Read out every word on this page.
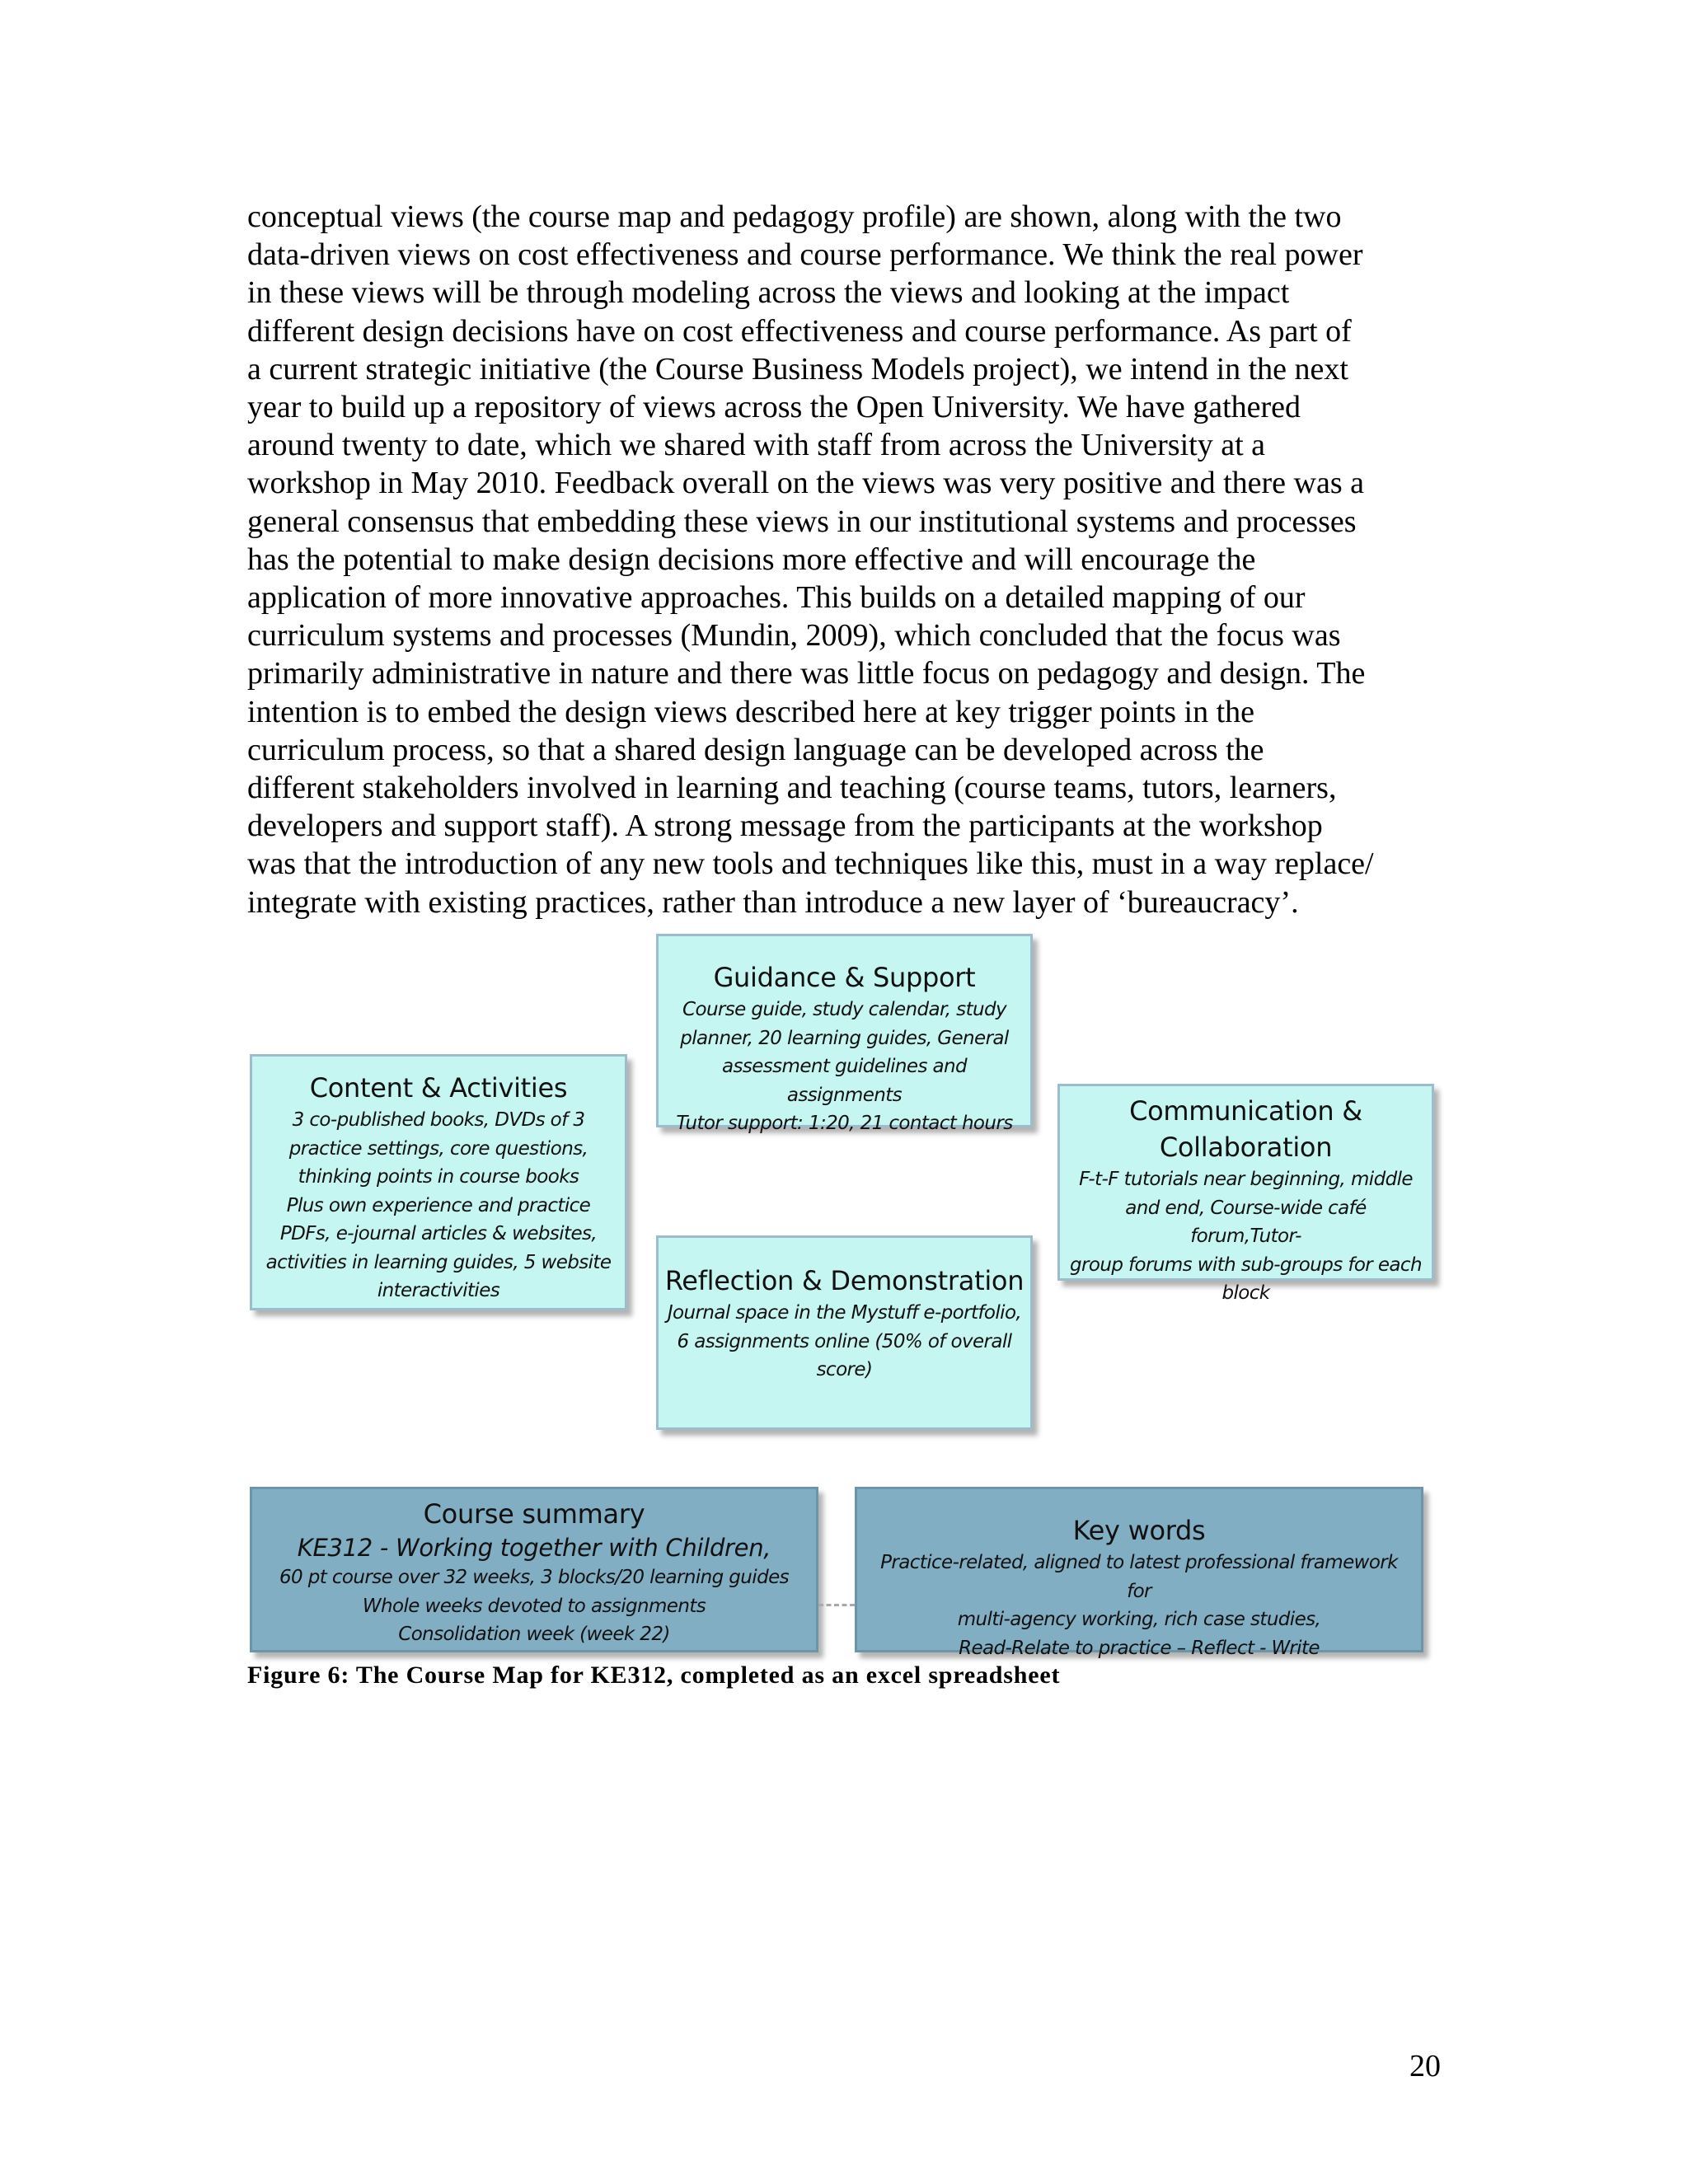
conceptual views (the course map and pedagogy profile) are shown, along with the two
data-driven views on cost effectiveness and course performance. We think the real power
in these views will be through modeling across the views and looking at the impact
different design decisions have on cost effectiveness and course performance. As part of
a current strategic initiative (the Course Business Models project), we intend in the next
year to build up a repository of views across the Open University. We have gathered
around twenty to date, which we shared with staff from across the University at a
workshop in May 2010. Feedback overall on the views was very positive and there was a
general consensus that embedding these views in our institutional systems and processes
has the potential to make design decisions more effective and will encourage the
application of more innovative approaches. This builds on a detailed mapping of our
curriculum systems and processes (Mundin, 2009), which concluded that the focus was
primarily administrative in nature and there was little focus on pedagogy and design. The
intention is to embed the design views described here at key trigger points in the
curriculum process, so that a shared design language can be developed across the
different stakeholders involved in learning and teaching (course teams, tutors, learners,
developers and support staff). A strong message from the participants at the workshop
was that the introduction of any new tools and techniques like this, must in a way replace/
integrate with existing practices, rather than introduce a new layer of ‘bureaucracy’.
Guidance & Support
Course guide, study calendar, study
planner, 20 learning guides, General
assessment guidelines and assignments
Tutor support: 1:20, 21 contact hours
Content & Activities
3 co-published books, DVDs of 3
practice settings, core questions,
thinking points in course books
Plus own experience and practice
PDFs, e-journal articles & websites,
activities in learning guides, 5 website
interactivities
Communication &
Collaboration
F-t-F tutorials near beginning, middle
and end, Course-wide café forum,Tutor-
group forums with sub-groups for each
block
Reflection & Demonstration
Journal space in the Mystuff e-portfolio,
6 assignments online (50% of overall
score)
Course summary
KE312 - Working together with Children,
60 pt course over 32 weeks, 3 blocks/20 learning guides
Whole weeks devoted to assignments
Consolidation week (week 22)
Key words
Practice-related, aligned to latest professional framework for
multi-agency working, rich case studies,
Read-Relate to practice – Reflect - Write

Figure 6: The Course Map for KE312, completed as an excel spreadsheet

20
